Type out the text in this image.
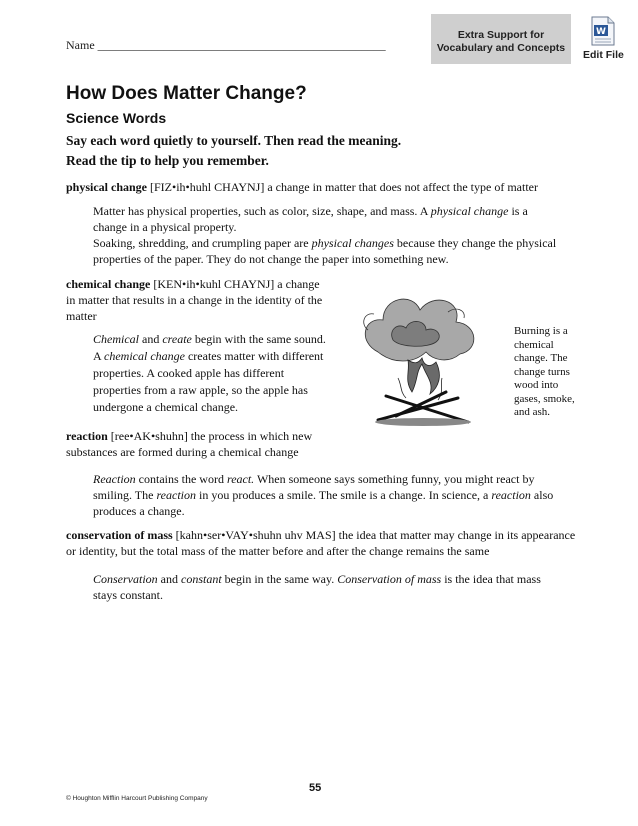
Name ________________________________________________
Extra Support for
Vocabulary and Concepts
W
Edit File
How Does Matter Change?
Science Words

Say each word quietly to yourself. Then read the meaning.

Read the tip to help you remember.

physical change [FIZ•ih•huhl CHAYNJ] a change in matter that does not affect the type of matter

Matter has physical properties, such as color, size, shape, and mass. A physical change is a change in a physical property.

Soaking, shredding, and crumpling paper are physical changes because they change the physical properties of the paper. They do not change the paper into something new.

chemical change [KEN•ih•kuhl CHAYNJ] a change in matter that results in a change in the identity of the matter

Chemical and create begin with the same sound. A chemical change creates matter with different properties. A cooked apple has different properties from a raw apple, so the apple has undergone a chemical change.

Burning is a chemical change. The change turns wood into gases, smoke, and ash.

reaction [ree•AK•shuhn] the process in which new substances are formed during a chemical change

Reaction contains the word react. When someone says something funny, you might react by smiling. The reaction in you produces a smile. The smile is a change. In science, a reaction also produces a change.

conservation of mass [kahn•ser•VAY•shuhn uhv MAS] the idea that matter may change in its appearance or identity, but the total mass of the matter before and after the change remains the same

Conservation and constant begin in the same way. Conservation of mass is the idea that mass stays constant.

55
© Houghton Mifflin Harcourt Publishing Company
